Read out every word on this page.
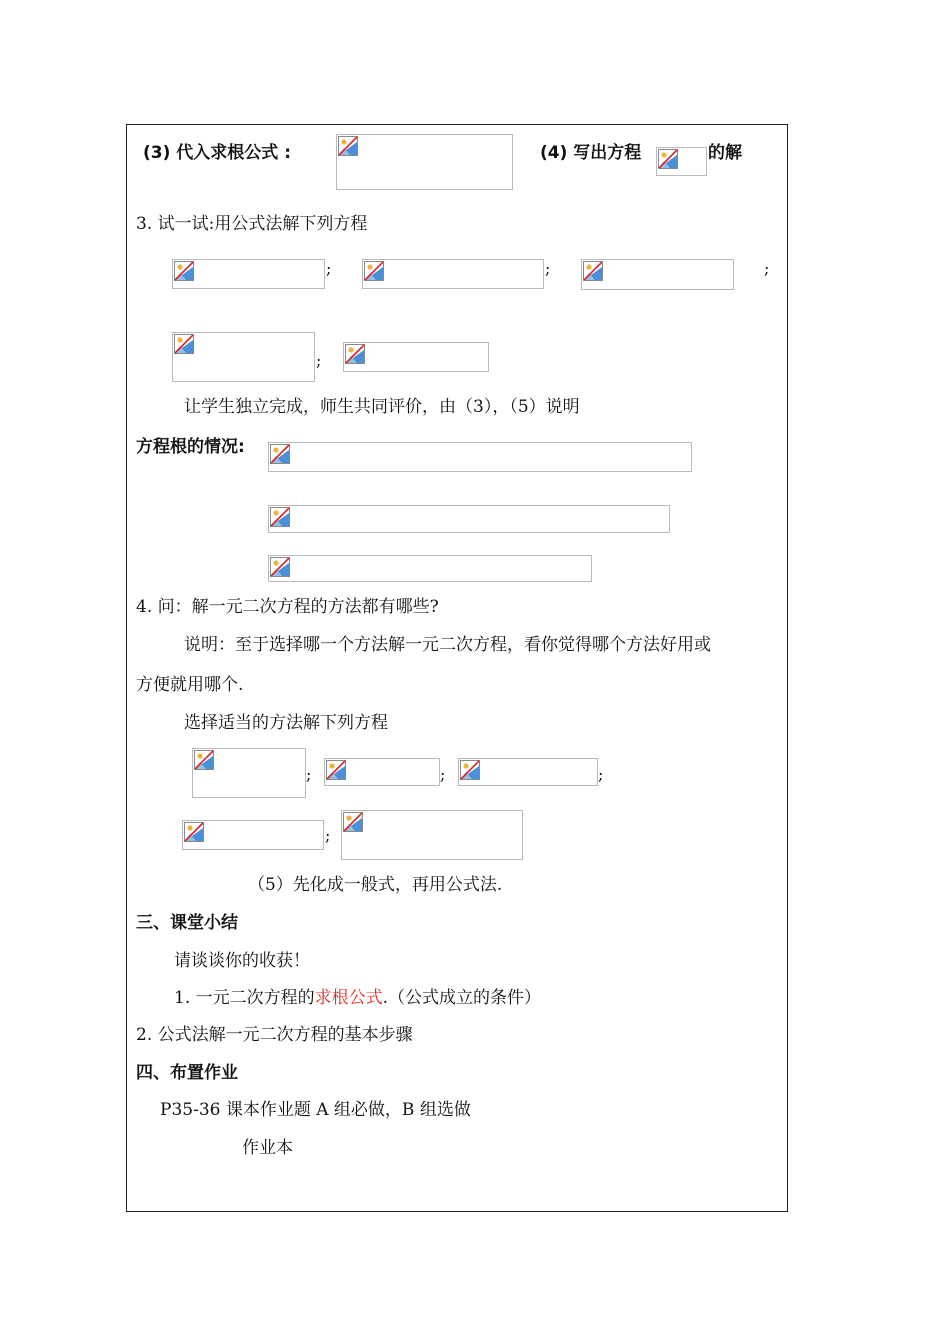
(3) 代入求根公式 :	(4) 写出方程	的解
3. 试一试:用公式法解下列方程
;	;	;
;
让学生独立完成，师生共同评价，由（3），（5）说明
方程根的情况:
4. 问：解一元二次方程的方法都有哪些?
说明：至于选择哪一个方法解一元二次方程，看你觉得哪个方法好用或
方便就用哪个.
选择适当的方法解下列方程
;	;	;
;
（5）先化成一般式，再用公式法.
三、课堂小结
请谈谈你的收获！
1. 一元二次方程的求根公式.（公式成立的条件）
2. 公式法解一元二次方程的基本步骤
四、布置作业
P35-36 课本作业题 A 组必做，B 组选做
作业本
